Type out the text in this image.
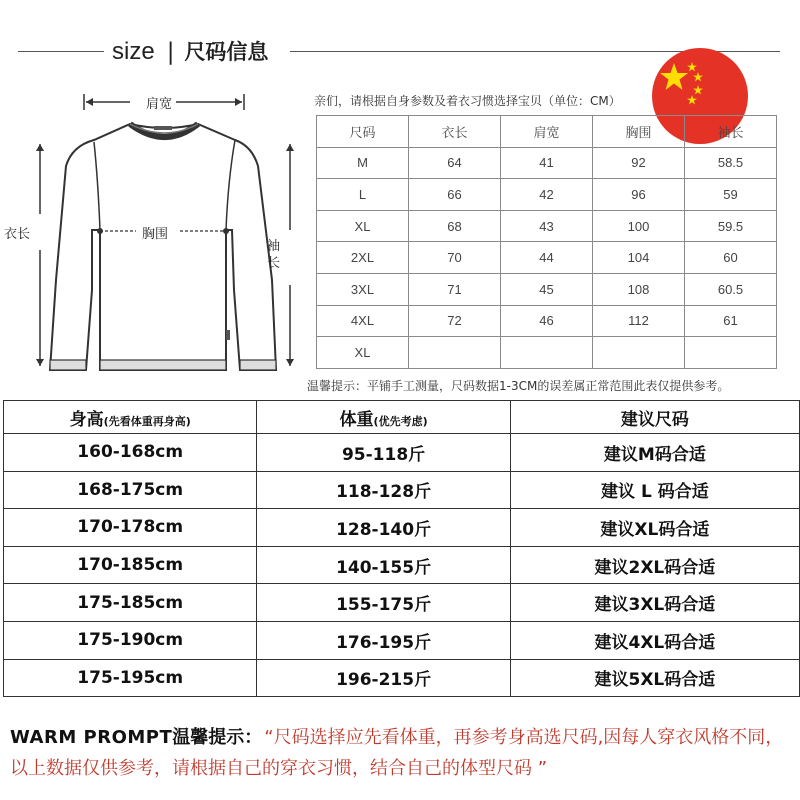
size | 尺码信息
肩宽
衣长	胸围
袖长
亲们，请根据自身参数及着衣习惯选择宝贝（单位：CM）
尺码	衣长	肩宽	胸围	袖长
M	64	41	92	58.5
L	66	42	96	59
XL	68	43	100	59.5
2XL	70	44	104	60
3XL	71	45	108	60.5
4XL	72	46	112	61
XL				
温馨提示：平铺手工测量，尺码数据1-3CM的误差属正常范围此表仅提供参考。
身高(先看体重再身高)	体重(优先考虑)	建议尺码
160-168cm	95-118斤	建议M码合适
168-175cm	118-128斤	建议 L 码合适
170-178cm	128-140斤	建议XL码合适
170-185cm	140-155斤	建议2XL码合适
175-185cm	155-175斤	建议3XL码合适
175-190cm	176-195斤	建议4XL码合适
175-195cm	196-215斤	建议5XL码合适
WARM PROMPT温馨提示： “尺码选择应先看体重，再参考身高选尺码,因每人穿衣风格不同，以上数据仅供参考，请根据自己的穿衣习惯，结合自己的体型尺码 ”
